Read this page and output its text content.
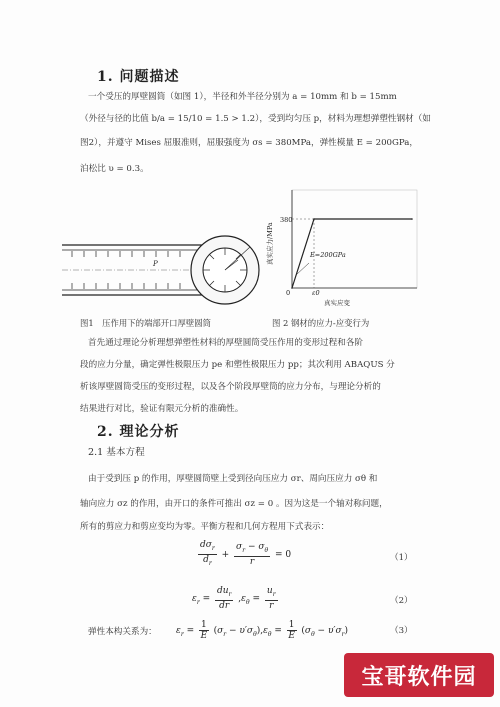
1. 问题描述
一个受压的厚壁圆筒（如图 1），半径和外半径分别为 a = 10mm 和 b = 15mm
（外径与径的比值 b/a = 15/10 = 1.5 > 1.2），受到均匀压 p，材料为理想弹塑性钢材（如
图2），并遵守 Mises 屈服准则，屈服强度为 σs = 380MPa，弹性模量 E = 200GPa，
泊松比 υ = 0.3。
P
图1　压作用下的端部开口厚壁圆筒
380
0	ε0
真实应变
真实应力/MPa	E=200GPa
图 2 钢材的应力-应变行为
首先通过理论分析理想弹塑性材料的厚壁圆筒受压作用的变形过程和各阶
段的应力分量，确定弹性极限压力 pe 和塑性极限压力 pp；其次利用 ABAQUS 分
析该厚壁圆筒受压的变形过程，以及各个阶段厚壁筒的应力分布，与理论分析的
结果进行对比，验证有限元分析的准确性。
2. 理论分析
2.1 基本方程
由于受到压 p 的作用，厚壁圆筒壁上受到径向压应力 σr、周向压应力 σθ 和
轴向应力 σz 的作用，由开口的条件可推出 σz = 0 。因为这是一个轴对称问题，
所有的剪应力和剪应变均为零。平衡方程和几何方程用下式表示：
$\frac{d\sigma_r}{d_r} + \frac{\sigma_r - \sigma_\theta}{r} = 0$	（1）
$\varepsilon_r = \frac{du_r}{dr} ,\varepsilon_\theta = \frac{u_r}{r}$	（2）
弹性本构关系为： $\varepsilon_r = \frac{1}{E} (\sigma_r - \upsilon'\sigma_\theta),\varepsilon_\theta = \frac{1}{E} (\sigma_\theta - \upsilon'\sigma_r)$	（3）
宝哥软件园
